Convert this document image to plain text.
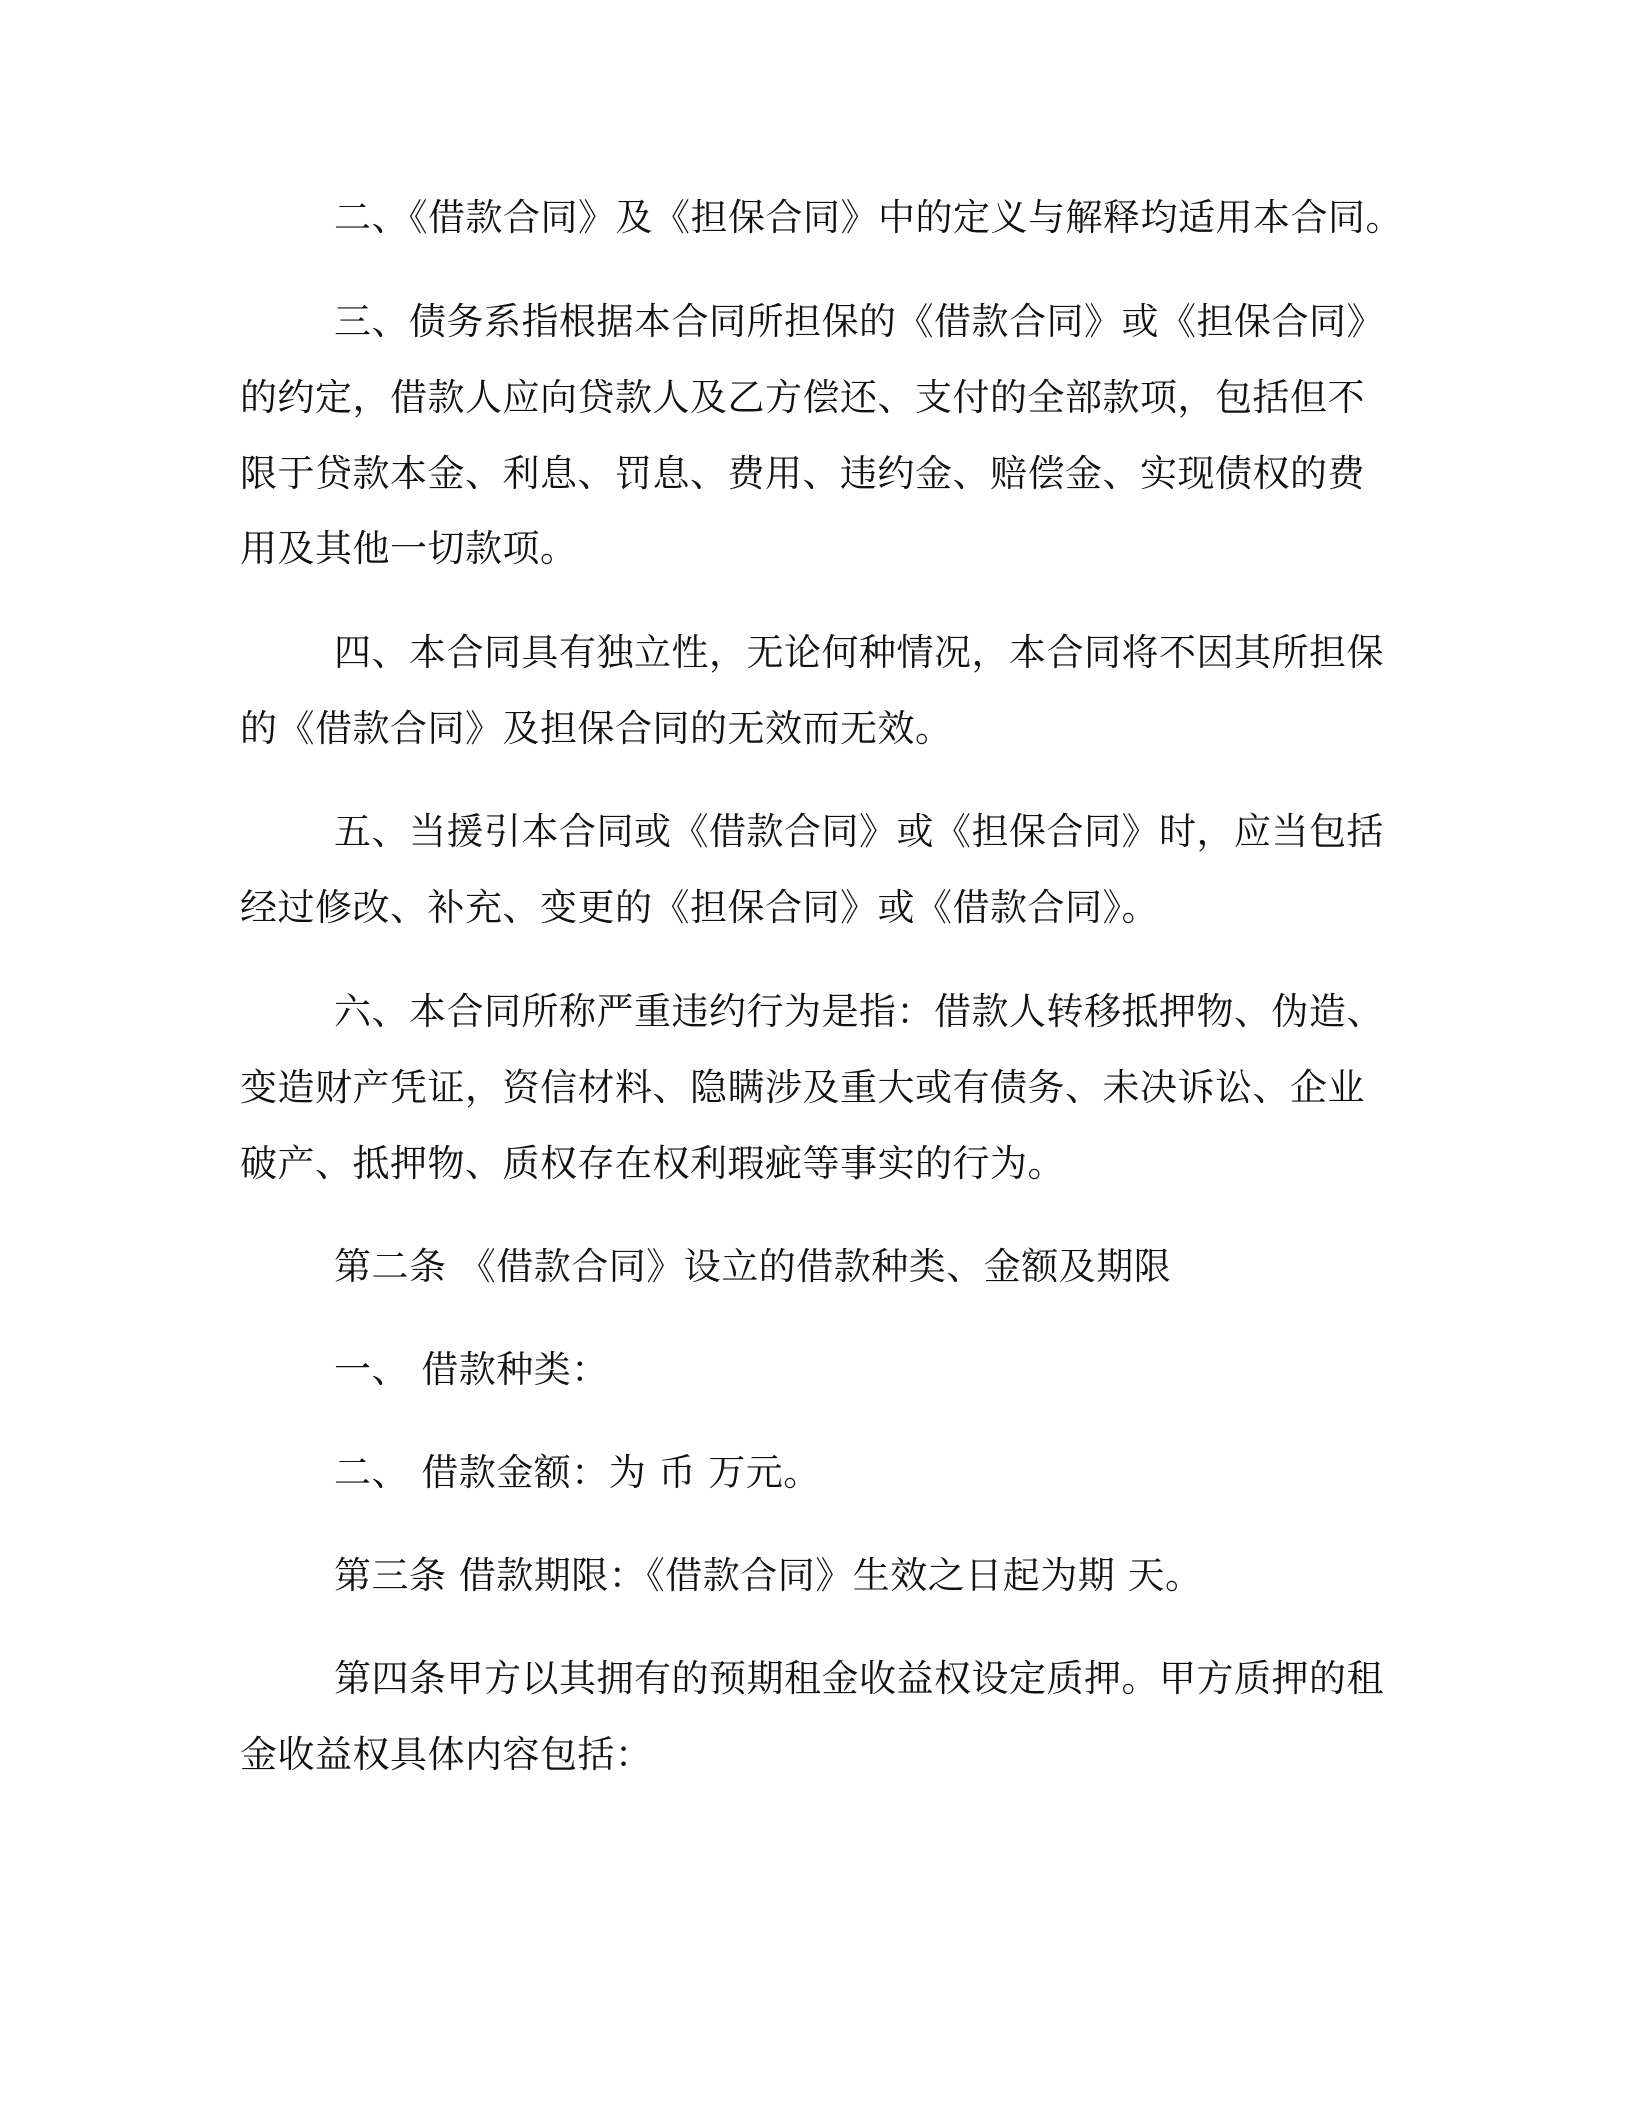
二、《借款合同》及《担保合同》中的定义与解释均适用本合同。

三、债务系指根据本合同所担保的《借款合同》或《担保合同》

的约定，借款人应向贷款人及乙方偿还、支付的全部款项，包括但不

限于贷款本金、利息、罚息、费用、违约金、赔偿金、实现债权的费

用及其他一切款项。

四、本合同具有独立性，无论何种情况，本合同将不因其所担保

的《借款合同》及担保合同的无效而无效。

五、当援引本合同或《借款合同》或《担保合同》时，应当包括

经过修改、补充、变更的《担保合同》或《借款合同》。

六、本合同所称严重违约行为是指：借款人转移抵押物、伪造、

变造财产凭证，资信材料、隐瞒涉及重大或有债务、未决诉讼、企业

破产、抵押物、质权存在权利瑕疵等事实的行为。

第二条 《借款合同》设立的借款种类、金额及期限

一、 借款种类：

二、 借款金额：为 币 万元。

第三条 借款期限：《借款合同》生效之日起为期 天。

第四条甲方以其拥有的预期租金收益权设定质押。甲方质押的租

金收益权具体内容包括：
